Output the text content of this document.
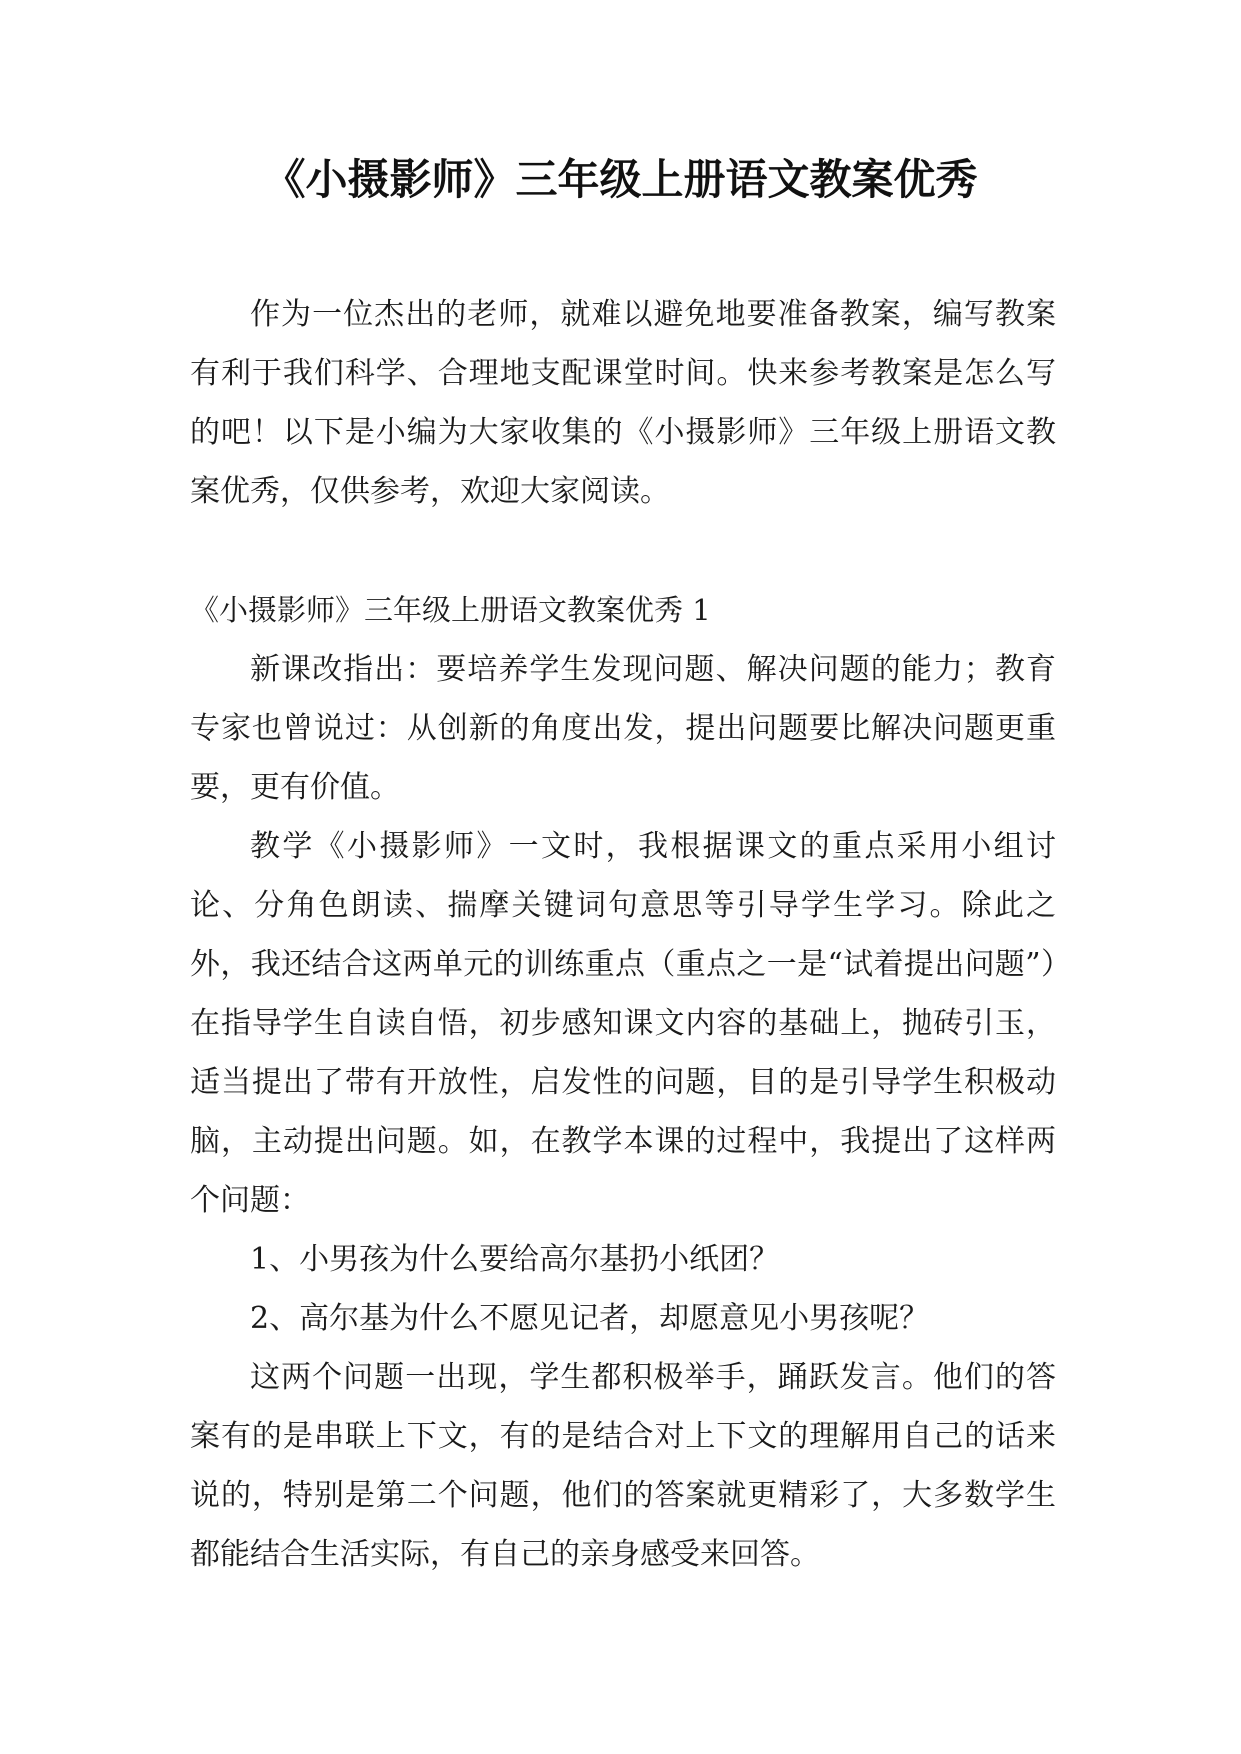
《小摄影师》三年级上册语文教案优秀

作为一位杰出的老师，就难以避免地要准备教案，编写教案有利于我们科学、合理地支配课堂时间。快来参考教案是怎么写的吧！以下是小编为大家收集的《小摄影师》三年级上册语文教案优秀，仅供参考，欢迎大家阅读。

《小摄影师》三年级上册语文教案优秀 1

新课改指出：要培养学生发现问题、解决问题的能力；教育专家也曾说过：从创新的角度出发，提出问题要比解决问题更重要，更有价值。

教学《小摄影师》一文时，我根据课文的重点采用小组讨论、分角色朗读、揣摩关键词句意思等引导学生学习。除此之外，我还结合这两单元的训练重点（重点之一是“试着提出问题”）在指导学生自读自悟，初步感知课文内容的基础上，抛砖引玉，适当提出了带有开放性，启发性的问题，目的是引导学生积极动脑，主动提出问题。如，在教学本课的过程中，我提出了这样两个问题：

1、小男孩为什么要给高尔基扔小纸团？

2、高尔基为什么不愿见记者，却愿意见小男孩呢？

这两个问题一出现，学生都积极举手，踊跃发言。他们的答案有的是串联上下文，有的是结合对上下文的理解用自己的话来说的，特别是第二个问题，他们的答案就更精彩了，大多数学生都能结合生活实际，有自己的亲身感受来回答。
